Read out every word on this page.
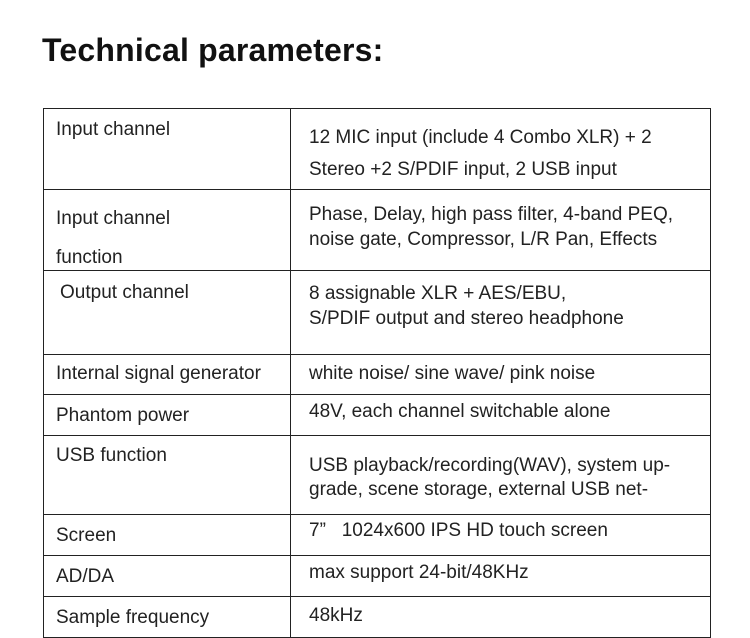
Technical parameters:
Input channel	12 MIC input (include 4 Combo XLR) + 2
Stereo +2 S/PDIF input, 2 USB input

Input channel
function	Phase, Delay, high pass filter, 4-band PEQ,
noise gate, Compressor, L/R Pan, Effects

Output channel	8 assignable XLR + AES/EBU,
S/PDIF output and stereo headphone

Internal signal generator	white noise/ sine wave/ pink noise

Phantom power	48V, each channel switchable alone

USB function	USB playback/recording(WAV), system up-
grade, scene storage, external USB net-

Screen	7”   1024x600 IPS HD touch screen

AD/DA	max support 24-bit/48KHz

Sample frequency	48kHz
